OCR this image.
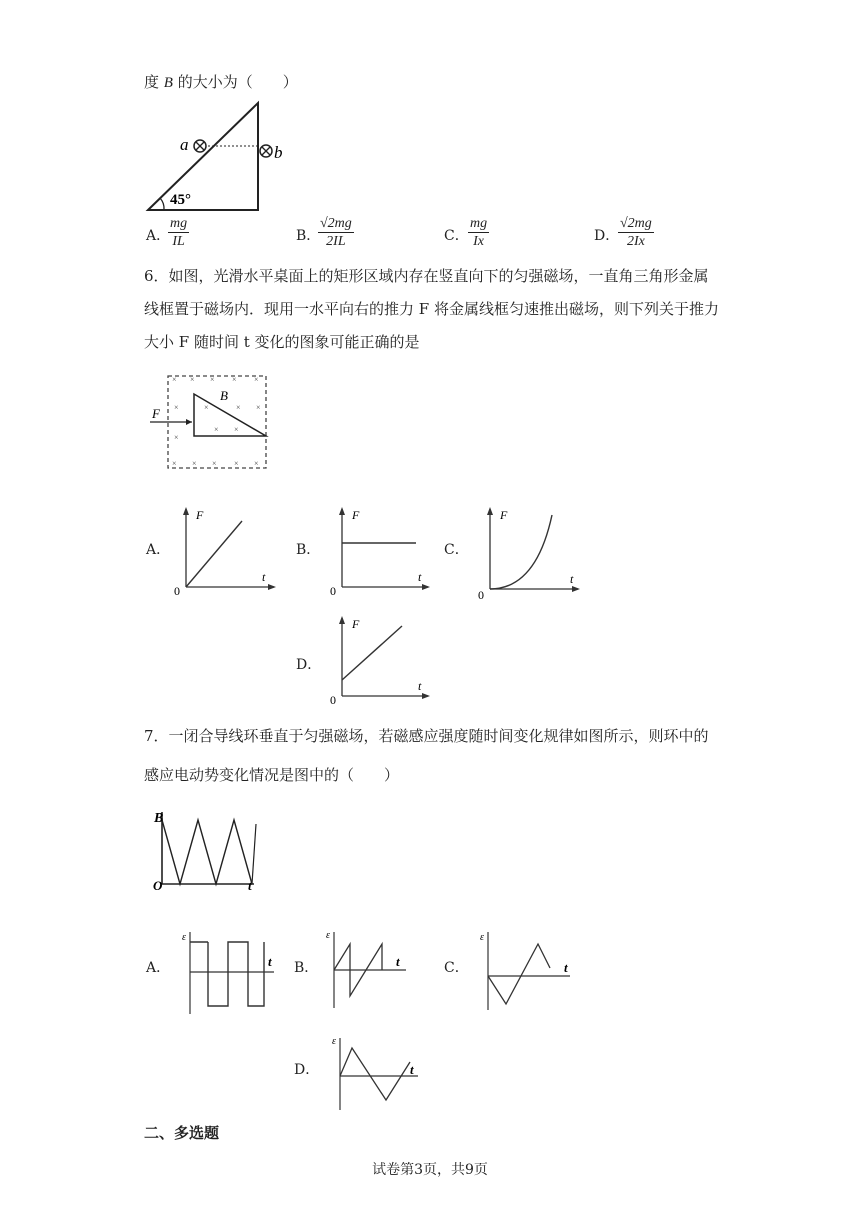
度 B 的大小为（　　）
a	b
45°
A．
$\frac{mg}{IL}$	B．
$\frac{√2mg}{2IL}$	C． $\frac{mg}{Ix}$	D．
$\frac{√2mg}{2Ix}$
6．如图，光滑水平桌面上的矩形区域内存在竖直向下的匀强磁场，一直角三角形金属
线框置于磁场内．现用一水平向右的推力 F 将金属线框匀速推出磁场，则下列关于推力
大小 F 随时间 t 变化的图象可能正确的是
F
B
× × × × ×
×	×	× ×
×
× ×
× × × × ×
A．
F
t
0
B．
F
t
0
C．
F
t
0
D．
F
t
0
7．一闭合导线环垂直于匀强磁场，若磁感应强度随时间变化规律如图所示，则环中的
感应电动势变化情况是图中的（　　）
B
t
O
A．
ε
t B．
ε
t	C．
ε
t
D．
ε
t
二、多选题
试卷第3页，共9页
